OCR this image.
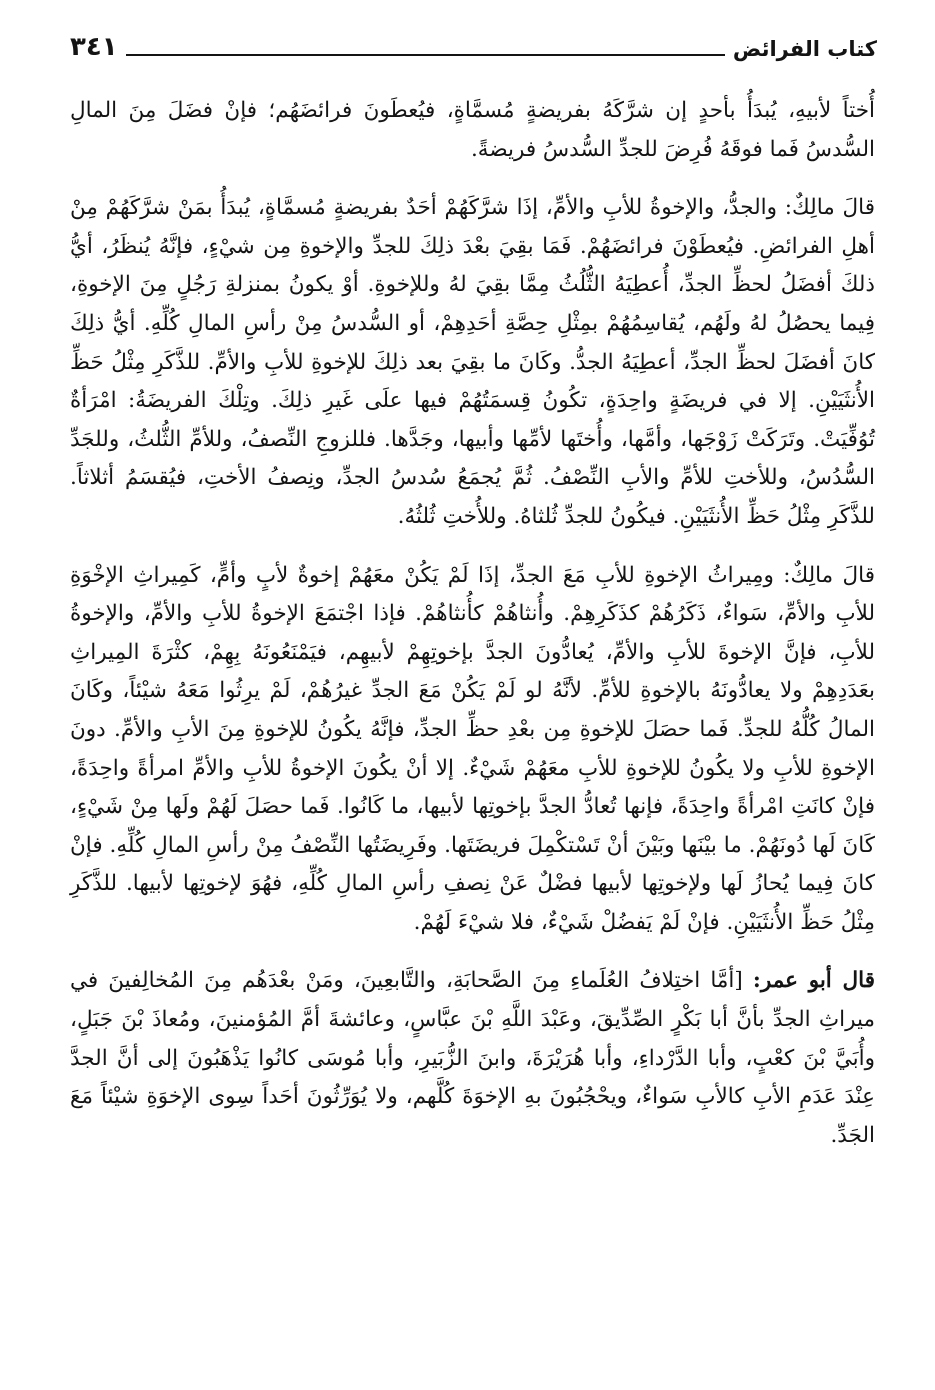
كتاب الفرائض
٣٤١

أُختاً لأبيهِ، يُبدَأُ بأحدٍ إن شرَّكَهُ بفريضةٍ مُسمَّاةٍ، فيُعطَونَ فرائضَهُم؛ فإنْ فضَلَ مِنَ المالِ السُّدسُ فَما فوقَهُ فُرِضَ للجدِّ السُّدسُ فريضةً.

قالَ مالِكٌ: والجدُّ، والإخوةُ للأبِ والأمِّ، إذَا شرَّكَهُمْ أحَدٌ بفريضةٍ مُسمَّاةٍ، يُبدَأُ بمَنْ شرَّكَهُمْ مِنْ أهلِ الفرائضِ. فيُعطَوْنَ فرائضَهُمْ. فَمَا بقِيَ بعْدَ ذلِكَ للجدِّ والإخوةِ مِن شيْءٍ، فإنَّهُ يُنظَرُ، أيُّ ذلكَ أفضَلُ لحظِّ الجدِّ، أُعطِيَهُ الثُّلُثُ مِمَّا بقِيَ لهُ وللإخوةِ. أوْ يكونُ بمنزلةِ رَجُلٍ مِنَ الإخوةِ، فِيما يحصُلُ لهُ ولَهُم، يُقاسِمُهُمْ بمِثْلِ حِصَّةِ أحَدِهِمْ، أو السُّدسُ مِنْ رأسِ المالِ كُلِّهِ. أيُّ ذلِكَ كانَ أفضَلَ لحظِّ الجدِّ، أعطِيَهُ الجدُّ. وكَانَ ما بقِيَ بعد ذلِكَ للإخوةِ للأبِ والأمِّ. للذَّكَرِ مِثْلُ حَظِّ الأُنثَيَيْنِ. إلا في فريضَةٍ واحِدَةٍ، تكُونُ قِسمَتُهُمْ فيها علَى غَيرِ ذلِكَ. وتِلْكَ الفريضَةُ: امْرَأةٌ تُوُفِّيَتْ. وتَرَكَتْ زَوْجَها، وأمَّها، وأُختَها لأمِّها وأبيها، وجَدَّها. فللزوجِ النِّصفُ، وللأمِّ الثُّلثُ، وللجَدِّ السُّدُسُ، وللأختِ للأمِّ والأبِ النِّصْفُ. ثُمَّ يُجمَعُ سُدسُ الجدِّ، ونِصفُ الأختِ، فيُقسَمُ أثلاثاً. للذَّكَرِ مِثْلُ حَظِّ الأُنثَيَيْنِ. فيكُونُ للجدِّ ثُلثاهُ. وللأُختِ ثُلثُهُ.

قالَ مالِكٌ: ومِيراثُ الإخوةِ للأبِ مَعَ الجدِّ، إذَا لَمْ يَكُنْ معَهُمْ إخوةٌ لأبٍ وأمٍّ، كَمِيراثِ الإخْوَةِ للأبِ والأمِّ، سَواءٌ، ذَكَرُهُمْ كذَكَرِهِمْ. وأُنثاهُمْ كأُنثاهُمْ. فإذا اجْتمَعَ الإخوةُ للأبِ والأمِّ، والإخوةُ للأبِ، فإنَّ الإخوةَ للأبِ والأمِّ، يُعادُّونَ الجدَّ بإخوتِهِمْ لأبيهِم، فيَمْنَعُونَهُ بِهِمْ، كثْرَةَ المِيراثِ بعَدَدِهِمْ ولا يعادُّونَهُ بالإخوةِ للأمِّ. لأنَّهُ لو لَمْ يَكُنْ مَعَ الجدِّ غيرُهُمْ، لَمْ يرِثُوا مَعَهُ شيْئاً، وكَانَ المالُ كُلُّهُ للجدِّ. فَما حصَلَ للإخوةِ مِن بعْدِ حظِّ الجدِّ، فإنَّهُ يكُونُ للإخوةِ مِنَ الأبِ والأمِّ. دونَ الإخوةِ للأبِ ولا يكُونُ للإخوةِ للأبِ معَهُمْ شَيْءٌ. إلا أنْ يكُونَ الإخوةُ للأبِ والأمِّ امرأةً واحِدَةً، فإنْ كانَتِ امْرأةً واحِدَةً، فإنها تُعادُّ الجدَّ بإخوتِها لأبيها، ما كَانُوا. فَما حصَلَ لَهُمْ ولَها مِنْ شَيْءٍ، كَانَ لَها دُونَهُمْ. ما بيْنَها وبَيْنَ أنْ تَسْتكْمِلَ فريضَتَها. وفَرِيضَتُها النِّصْفُ مِنْ رأسِ المالِ كُلِّهِ. فإنْ كانَ فِيما يُحازُ لَها ولإخوتِها لأبيها فضْلٌ عَنْ نِصفِ رأسِ المالِ كُلِّهِ، فهُوَ لإخوتِها لأبيها. للذَّكَرِ مِثْلُ حَظِّ الأُنثَيَيْنِ. فإنْ لَمْ يَفضُلْ شَيْءٌ، فلا شيْءَ لَهُمْ.

قال أبو عمر: [أمَّا اختِلافُ العُلَماءِ مِنَ الصَّحابَةِ، والتَّابعِينَ، ومَنْ بعْدَهُم مِنَ المُخالِفينَ في ميراثِ الجدِّ بأنَّ أبا بَكْرٍ الصِّدِّيقَ، وعَبْدَ اللَّهِ بْنَ عبَّاسٍ، وعائشةَ أمَّ المُؤمنينَ، ومُعاذَ بْنَ جَبَلٍ، وأُبَيَّ بْنَ كعْبٍ، وأبا الدَّرْداءِ، وأبا هُرَيْرَةَ، وابنَ الزُّبَيرِ، وأبا مُوسَى كانُوا يَذْهَبُونَ إلى أنَّ الجدَّ عِنْدَ عَدَمِ الأبِ كالأبِ سَواءٌ، ويحْجُبُونَ بهِ الإخوَةَ كُلَّهم، ولا يُوَرِّثُونَ أحَداً سِوى الإخوَةِ شيْئاً مَعَ الجَدِّ.
